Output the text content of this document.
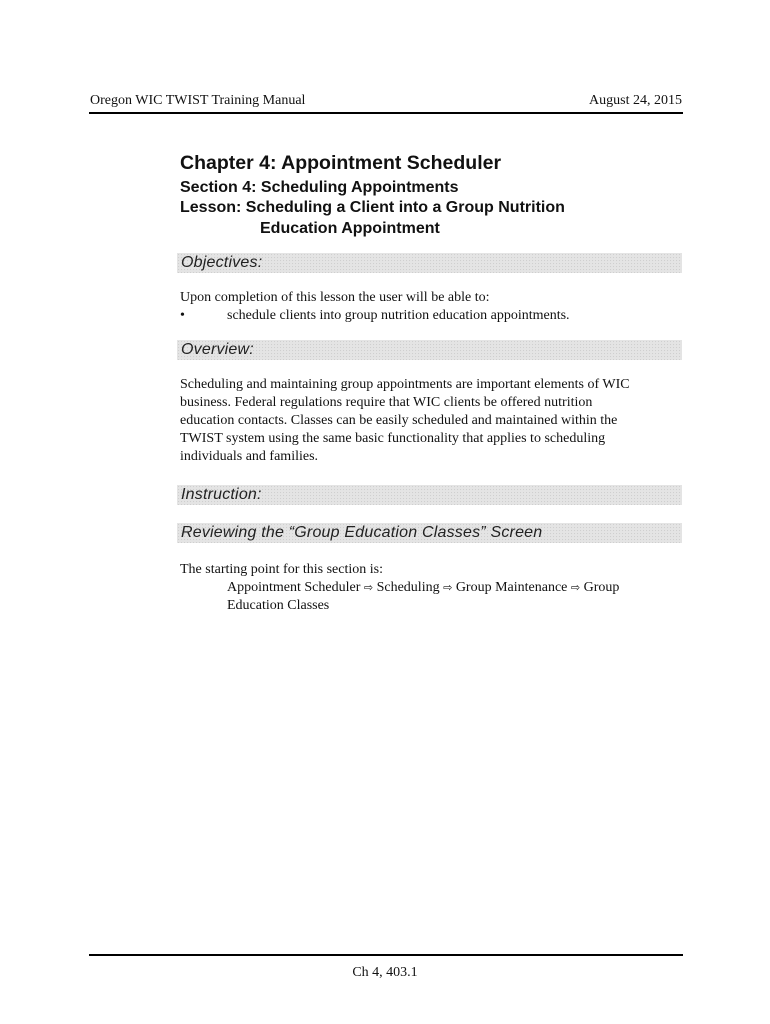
Oregon WIC TWIST Training Manual	August 24, 2015
Chapter 4: Appointment Scheduler
Section 4: Scheduling Appointments
Lesson: Scheduling a Client into a Group Nutrition
Education Appointment
Objectives:
Upon completion of this lesson the user will be able to:
•	schedule clients into group nutrition education appointments.
Overview:
Scheduling and maintaining group appointments are important elements of WIC
business. Federal regulations require that WIC clients be offered nutrition
education contacts. Classes can be easily scheduled and maintained within the
TWIST system using the same basic functionality that applies to scheduling
individuals and families.
Instruction:
Reviewing the “Group Education Classes” Screen
The starting point for this section is:
Appointment Scheduler ⇨ Scheduling ⇨ Group Maintenance ⇨ Group
Education Classes
Ch 4, 403.1
